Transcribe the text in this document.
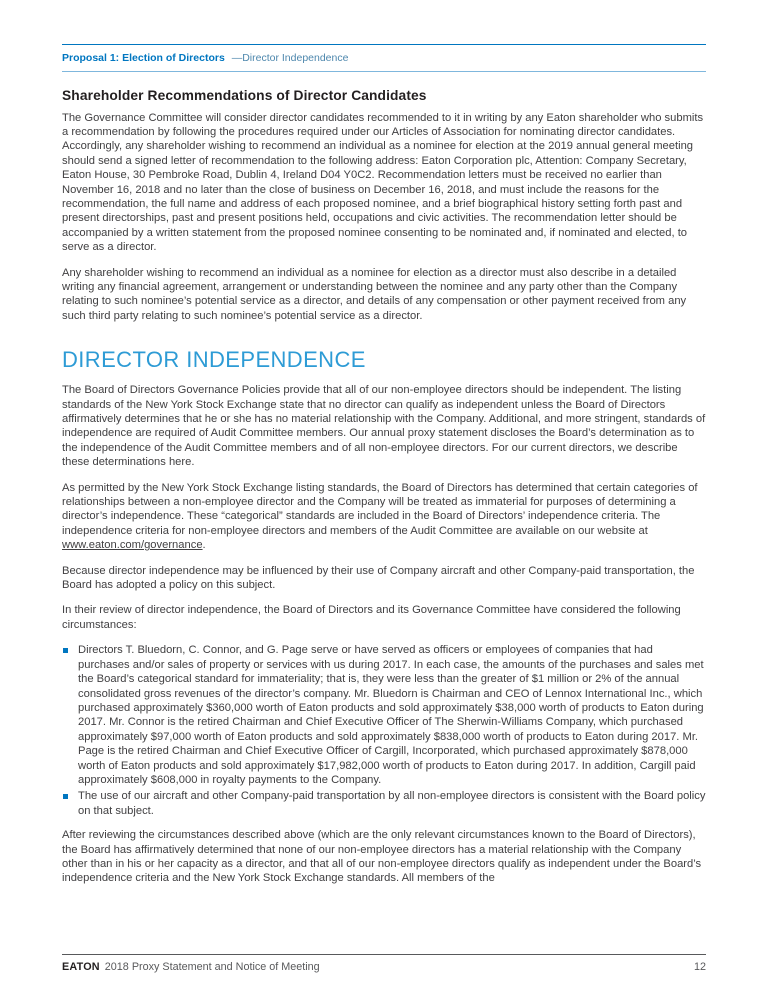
Proposal 1: Election of Directors —Director Independence
Shareholder Recommendations of Director Candidates

The Governance Committee will consider director candidates recommended to it in writing by any Eaton shareholder who submits a recommendation by following the procedures required under our Articles of Association for nominating director candidates. Accordingly, any shareholder wishing to recommend an individual as a nominee for election at the 2019 annual general meeting should send a signed letter of recommendation to the following address: Eaton Corporation plc, Attention: Company Secretary, Eaton House, 30 Pembroke Road, Dublin 4, Ireland D04 Y0C2. Recommendation letters must be received no earlier than November 16, 2018 and no later than the close of business on December 16, 2018, and must include the reasons for the recommendation, the full name and address of each proposed nominee, and a brief biographical history setting forth past and present directorships, past and present positions held, occupations and civic activities. The recommendation letter should be accompanied by a written statement from the proposed nominee consenting to be nominated and, if nominated and elected, to serve as a director.

Any shareholder wishing to recommend an individual as a nominee for election as a director must also describe in a detailed writing any financial agreement, arrangement or understanding between the nominee and any party other than the Company relating to such nominee’s potential service as a director, and details of any compensation or other payment received from any such third party relating to such nominee’s potential service as a director.

DIRECTOR INDEPENDENCE

The Board of Directors Governance Policies provide that all of our non-employee directors should be independent. The listing standards of the New York Stock Exchange state that no director can qualify as independent unless the Board of Directors affirmatively determines that he or she has no material relationship with the Company. Additional, and more stringent, standards of independence are required of Audit Committee members. Our annual proxy statement discloses the Board’s determination as to the independence of the Audit Committee members and of all non-employee directors. For our current directors, we describe these determinations here.

As permitted by the New York Stock Exchange listing standards, the Board of Directors has determined that certain categories of relationships between a non-employee director and the Company will be treated as immaterial for purposes of determining a director’s independence. These “categorical” standards are included in the Board of Directors’ independence criteria. The independence criteria for non-employee directors and members of the Audit Committee are available on our website at www.eaton.com/governance.

Because director independence may be influenced by their use of Company aircraft and other Company-paid transportation, the Board has adopted a policy on this subject.

In their review of director independence, the Board of Directors and its Governance Committee have considered the following circumstances:

Directors T. Bluedorn, C. Connor, and G. Page serve or have served as officers or employees of companies that had purchases and/or sales of property or services with us during 2017. In each case, the amounts of the purchases and sales met the Board’s categorical standard for immateriality; that is, they were less than the greater of $1 million or 2% of the annual consolidated gross revenues of the director’s company. Mr. Bluedorn is Chairman and CEO of Lennox International Inc., which purchased approximately $360,000 worth of Eaton products and sold approximately $38,000 worth of products to Eaton during 2017. Mr. Connor is the retired Chairman and Chief Executive Officer of The Sherwin-Williams Company, which purchased approximately $97,000 worth of Eaton products and sold approximately $838,000 worth of products to Eaton during 2017. Mr. Page is the retired Chairman and Chief Executive Officer of Cargill, Incorporated, which purchased approximately $878,000 worth of Eaton products and sold approximately $17,982,000 worth of products to Eaton during 2017. In addition, Cargill paid approximately $608,000 in royalty payments to the Company.
The use of our aircraft and other Company-paid transportation by all non-employee directors is consistent with the Board policy on that subject.

After reviewing the circumstances described above (which are the only relevant circumstances known to the Board of Directors), the Board has affirmatively determined that none of our non-employee directors has a material relationship with the Company other than in his or her capacity as a director, and that all of our non-employee directors qualify as independent under the Board’s independence criteria and the New York Stock Exchange standards. All members of the

EATON 2018 Proxy Statement and Notice of Meeting	12
